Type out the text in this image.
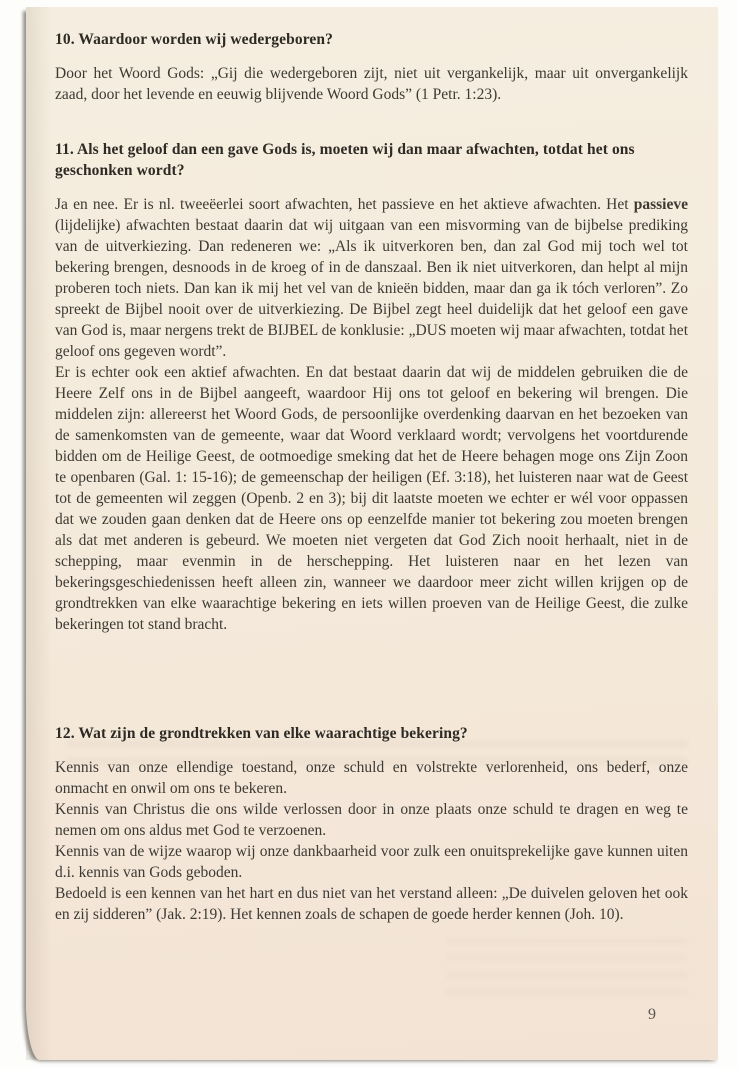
10. Waardoor worden wij wedergeboren?

Door het Woord Gods: „Gij die wedergeboren zijt, niet uit vergankelijk, maar uit onvergankelijk zaad, door het levende en eeuwig blijvende Woord Gods” (1 Petr. 1:23).

11. Als het geloof dan een gave Gods is, moeten wij dan maar afwachten, totdat het ons geschonken wordt?

Ja en nee. Er is nl. tweeëerlei soort afwachten, het passieve en het aktieve afwachten. Het passieve (lijdelijke) afwachten bestaat daarin dat wij uitgaan van een misvorming van de bijbelse prediking van de uitverkiezing. Dan redeneren we: „Als ik uitverkoren ben, dan zal God mij toch wel tot bekering brengen, desnoods in de kroeg of in de danszaal. Ben ik niet uitverkoren, dan helpt al mijn proberen toch niets. Dan kan ik mij het vel van de knieën bidden, maar dan ga ik tóch verloren”. Zo spreekt de Bijbel nooit over de uitverkiezing. De Bijbel zegt heel duidelijk dat het geloof een gave van God is, maar nergens trekt de BIJBEL de konklusie: „DUS moeten wij maar afwachten, totdat het geloof ons gegeven wordt”.

Er is echter ook een aktief afwachten. En dat bestaat daarin dat wij de middelen gebruiken die de Heere Zelf ons in de Bijbel aangeeft, waardoor Hij ons tot geloof en bekering wil brengen. Die middelen zijn: allereerst het Woord Gods, de persoonlijke overdenking daarvan en het bezoeken van de samenkomsten van de gemeente, waar dat Woord verklaard wordt; vervolgens het voortdurende bidden om de Heilige Geest, de ootmoedige smeking dat het de Heere behagen moge ons Zijn Zoon te openbaren (Gal. 1: 15-16); de gemeenschap der heiligen (Ef. 3:18), het luisteren naar wat de Geest tot de gemeenten wil zeggen (Openb. 2 en 3); bij dit laatste moeten we echter er wél voor oppassen dat we zouden gaan denken dat de Heere ons op eenzelfde manier tot bekering zou moeten brengen als dat met anderen is gebeurd. We moeten niet vergeten dat God Zich nooit herhaalt, niet in de schepping, maar evenmin in de herschepping. Het luisteren naar en het lezen van bekeringsgeschiedenissen heeft alleen zin, wanneer we daardoor meer zicht willen krijgen op de grondtrekken van elke waarachtige bekering en iets willen proeven van de Heilige Geest, die zulke bekeringen tot stand bracht.

12. Wat zijn de grondtrekken van elke waarachtige bekering?

Kennis van onze ellendige toestand, onze schuld en volstrekte verlorenheid, ons bederf, onze onmacht en onwil om ons te bekeren.

Kennis van Christus die ons wilde verlossen door in onze plaats onze schuld te dragen en weg te nemen om ons aldus met God te verzoenen.

Kennis van de wijze waarop wij onze dankbaarheid voor zulk een onuitsprekelijke gave kunnen uiten d.i. kennis van Gods geboden.

Bedoeld is een kennen van het hart en dus niet van het verstand alleen: „De duivelen geloven het ook en zij sidderen” (Jak. 2:19). Het kennen zoals de schapen de goede herder kennen (Joh. 10).

9
